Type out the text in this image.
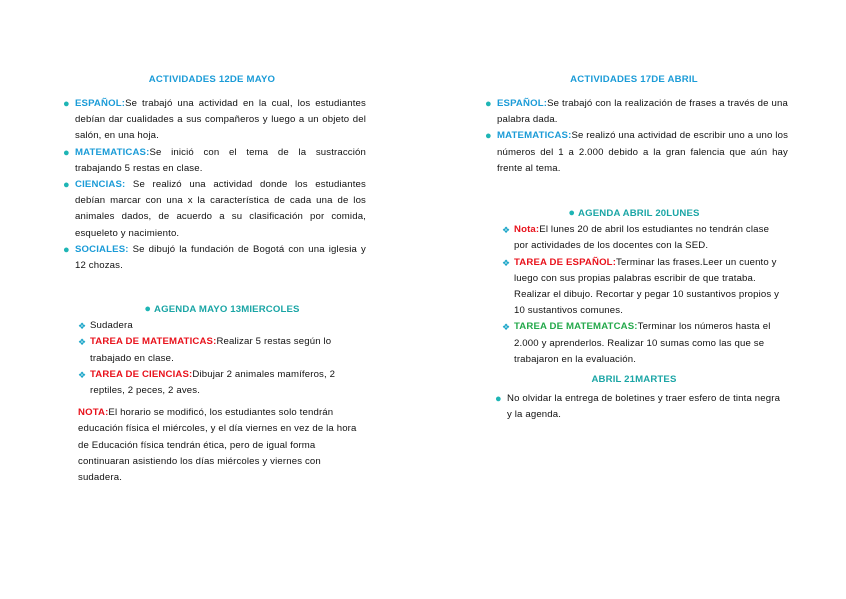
ACTIVIDADES 12DE MAYO
● ESPAÑOL:Se trabajó una actividad en la cual, los estudiantes debían dar cualidades a sus compañeros y luego a un objeto del salón, en una hoja.
● MATEMATICAS:Se inició con el tema de la sustracción trabajando 5 restas en clase.
● CIENCIAS: Se realizó una actividad donde los estudiantes debían marcar con una x la característica de cada una de los animales dados, de acuerdo a su clasificación por comida, esqueleto y nacimiento.
● SOCIALES: Se dibujó la fundación de Bogotá con una iglesia y 12 chozas.
● AGENDA MAYO 13MIERCOLES
❖ Sudadera
❖ TAREA DE MATEMATICAS:Realizar 5 restas según lo trabajado en clase.
❖ TAREA DE CIENCIAS:Dibujar 2 animales mamíferos, 2 reptiles, 2 peces, 2 aves.
NOTA:El horario se modificó, los estudiantes solo tendrán educación física el miércoles, y el día viernes en vez de la hora de Educación física tendrán ética, pero de igual forma continuaran asistiendo los días miércoles y viernes con sudadera.
ACTIVIDADES 17DE ABRIL
● ESPAÑOL:Se trabajó con la realización de frases a través de una palabra dada.
● MATEMATICAS:Se realizó una actividad de escribir uno a uno los números del 1 a 2.000 debido a la gran falencia que aún hay frente al tema.
● AGENDA ABRIL 20LUNES
❖ Nota:El lunes 20 de abril los estudiantes no tendrán clase por actividades de los docentes con la SED.
❖ TAREA DE ESPAÑOL:Terminar las frases.Leer un cuento y luego con sus propias palabras escribir de que trataba. Realizar el dibujo. Recortar y pegar 10 sustantivos propios y 10 sustantivos comunes.
❖ TAREA DE MATEMATCAS:Terminar los números hasta el 2.000 y aprenderlos. Realizar 10 sumas como las que se trabajaron en la evaluación.
ABRIL 21MARTES
● No olvidar la entrega de boletines y traer esfero de tinta negra y la agenda.
